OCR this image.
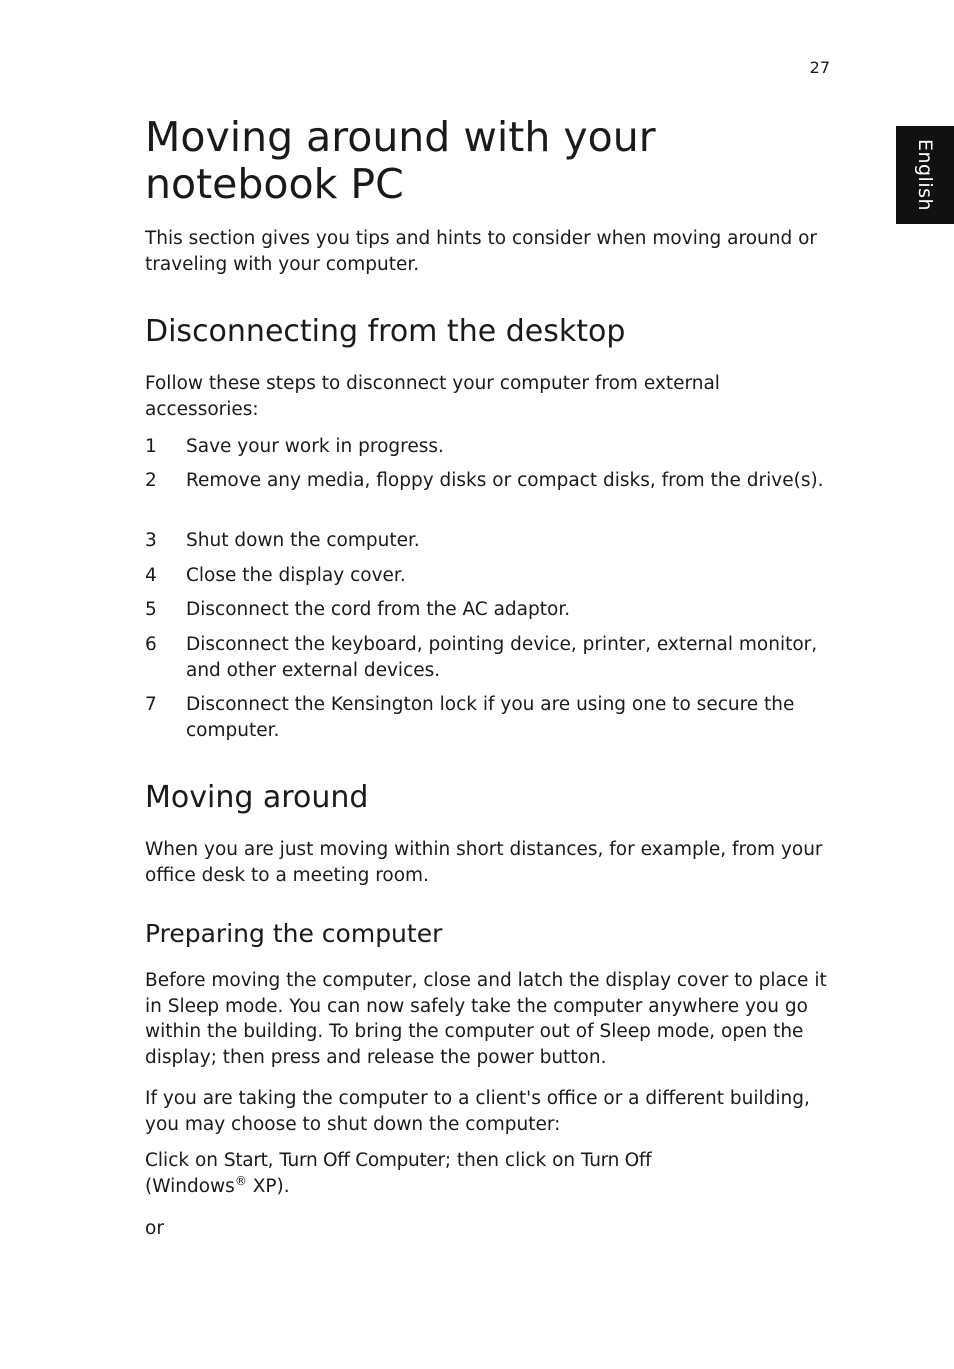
27
English
Moving around with your notebook PC

This section gives you tips and hints to consider when moving around or traveling with your computer.

Disconnecting from the desktop

Follow these steps to disconnect your computer from external accessories:

1 Save your work in progress.
2 Remove any media, floppy disks or compact disks, from the drive(s).
3 Shut down the computer.
4 Close the display cover.
5 Disconnect the cord from the AC adaptor.
6 Disconnect the keyboard, pointing device, printer, external monitor, and other external devices.
7 Disconnect the Kensington lock if you are using one to secure the computer.
Moving around

When you are just moving within short distances, for example, from your office desk to a meeting room.

Preparing the computer

Before moving the computer, close and latch the display cover to place it in Sleep mode. You can now safely take the computer anywhere you go within the building. To bring the computer out of Sleep mode, open the display; then press and release the power button.

If you are taking the computer to a client's office or a different building, you may choose to shut down the computer:

Click on Start, Turn Off Computer; then click on Turn Off
(Windows® XP).

or
